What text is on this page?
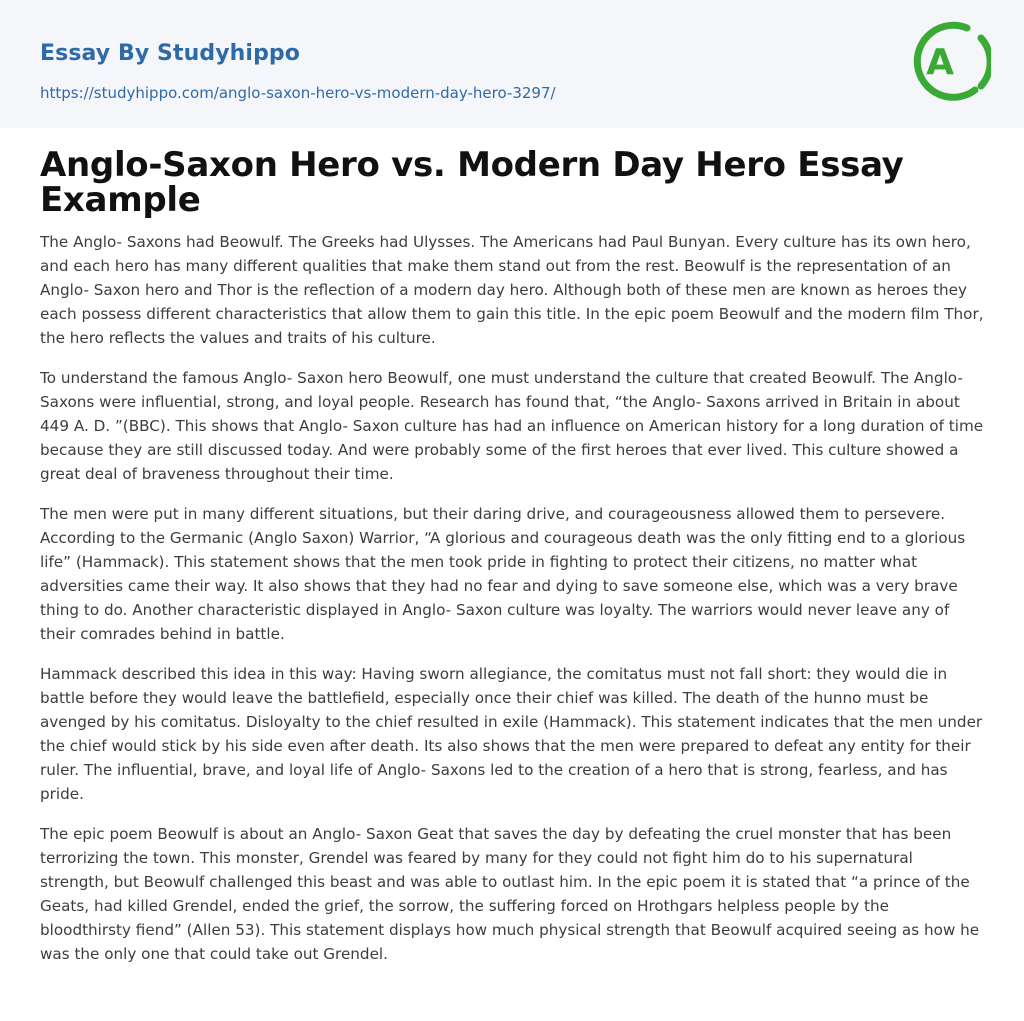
Essay By Studyhippo
https://studyhippo.com/anglo-saxon-hero-vs-modern-day-hero-3297/
A
Anglo-Saxon Hero vs. Modern Day Hero Essay Example

The Anglo- Saxons had Beowulf. The Greeks had Ulysses. The Americans had Paul Bunyan. Every culture has its own hero, and each hero has many different qualities that make them stand out from the rest. Beowulf is the representation of an Anglo- Saxon hero and Thor is the reflection of a modern day hero. Although both of these men are known as heroes they each possess different characteristics that allow them to gain this title. In the epic poem Beowulf and the modern film Thor, the hero reflects the values and traits of his culture.

To understand the famous Anglo- Saxon hero Beowulf, one must understand the culture that created Beowulf. The Anglo- Saxons were influential, strong, and loyal people. Research has found that, “the Anglo- Saxons arrived in Britain in about 449 A. D. ”(BBC). This shows that Anglo- Saxon culture has had an influence on American history for a long duration of time because they are still discussed today. And were probably some of the first heroes that ever lived. This culture showed a great deal of braveness throughout their time.

The men were put in many different situations, but their daring drive, and courageousness allowed them to persevere. According to the Germanic (Anglo Saxon) Warrior, “A glorious and courageous death was the only fitting end to a glorious life” (Hammack). This statement shows that the men took pride in fighting to protect their citizens, no matter what adversities came their way. It also shows that they had no fear and dying to save someone else, which was a very brave thing to do. Another characteristic displayed in Anglo- Saxon culture was loyalty. The warriors would never leave any of their comrades behind in battle.

Hammack described this idea in this way: Having sworn allegiance, the comitatus must not fall short: they would die in battle before they would leave the battlefield, especially once their chief was killed. The death of the hunno must be avenged by his comitatus. Disloyalty to the chief resulted in exile (Hammack). This statement indicates that the men under the chief would stick by his side even after death. Its also shows that the men were prepared to defeat any entity for their ruler. The influential, brave, and loyal life of Anglo- Saxons led to the creation of a hero that is strong, fearless, and has pride.

The epic poem Beowulf is about an Anglo- Saxon Geat that saves the day by defeating the cruel monster that has been terrorizing the town. This monster, Grendel was feared by many for they could not fight him do to his supernatural strength, but Beowulf challenged this beast and was able to outlast him. In the epic poem it is stated that “a prince of the Geats, had killed Grendel, ended the grief, the sorrow, the suffering forced on Hrothgars helpless people by the bloodthirsty fiend” (Allen 53). This statement displays how much physical strength that Beowulf acquired seeing as how he was the only one that could take out Grendel.
